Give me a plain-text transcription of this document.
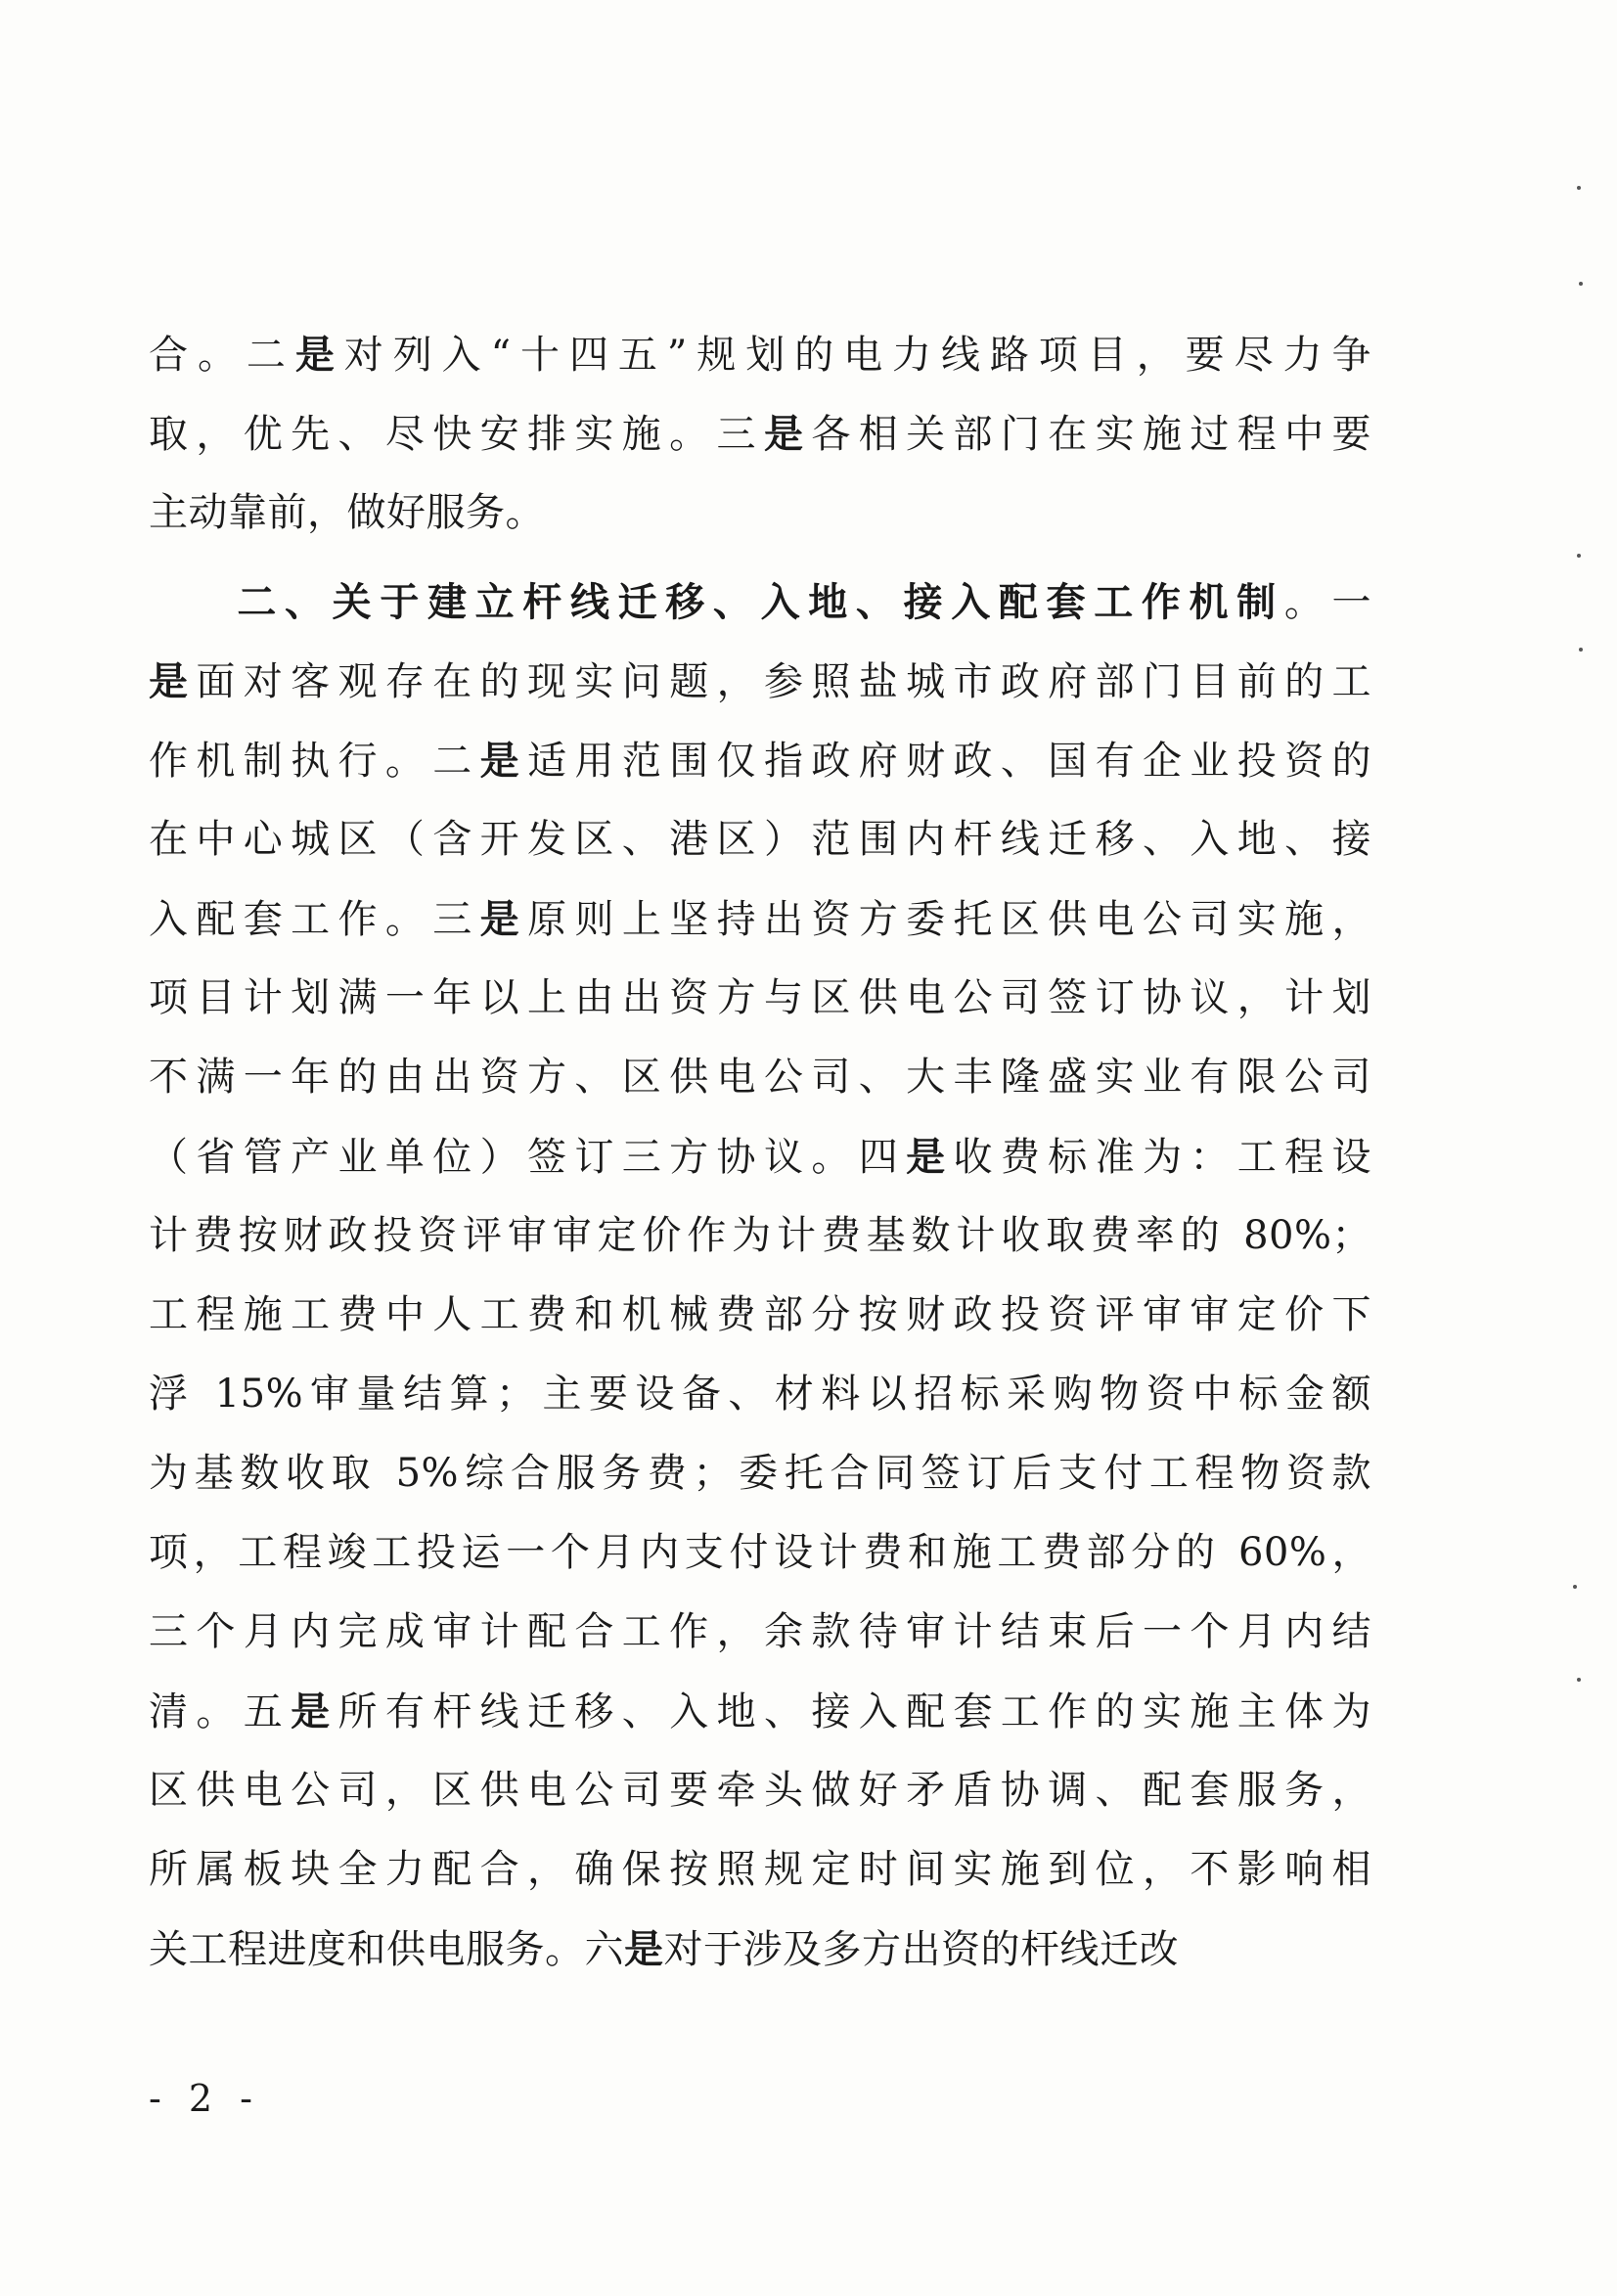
合。二是对列入“十四五”规划的电力线路项目，要尽力争
取，优先、尽快安排实施。三是各相关部门在实施过程中要
主动靠前，做好服务。
二、关于建立杆线迁移、入地、接入配套工作机制。一
是面对客观存在的现实问题，参照盐城市政府部门目前的工
作机制执行。二是适用范围仅指政府财政、国有企业投资的
在中心城区（含开发区、港区）范围内杆线迁移、入地、接
入配套工作。三是原则上坚持出资方委托区供电公司实施，
项目计划满一年以上由出资方与区供电公司签订协议，计划
不满一年的由出资方、区供电公司、大丰隆盛实业有限公司
（省管产业单位）签订三方协议。四是收费标准为：工程设
计费按财政投资评审审定价作为计费基数计收取费率的 80%；
工程施工费中人工费和机械费部分按财政投资评审审定价下
浮 15%审量结算；主要设备、材料以招标采购物资中标金额
为基数收取 5%综合服务费；委托合同签订后支付工程物资款
项，工程竣工投运一个月内支付设计费和施工费部分的 60%，
三个月内完成审计配合工作，余款待审计结束后一个月内结
清。五是所有杆线迁移、入地、接入配套工作的实施主体为
区供电公司，区供电公司要牵头做好矛盾协调、配套服务，
所属板块全力配合，确保按照规定时间实施到位，不影响相
关工程进度和供电服务。六是对于涉及多方出资的杆线迁改
- 2 -
